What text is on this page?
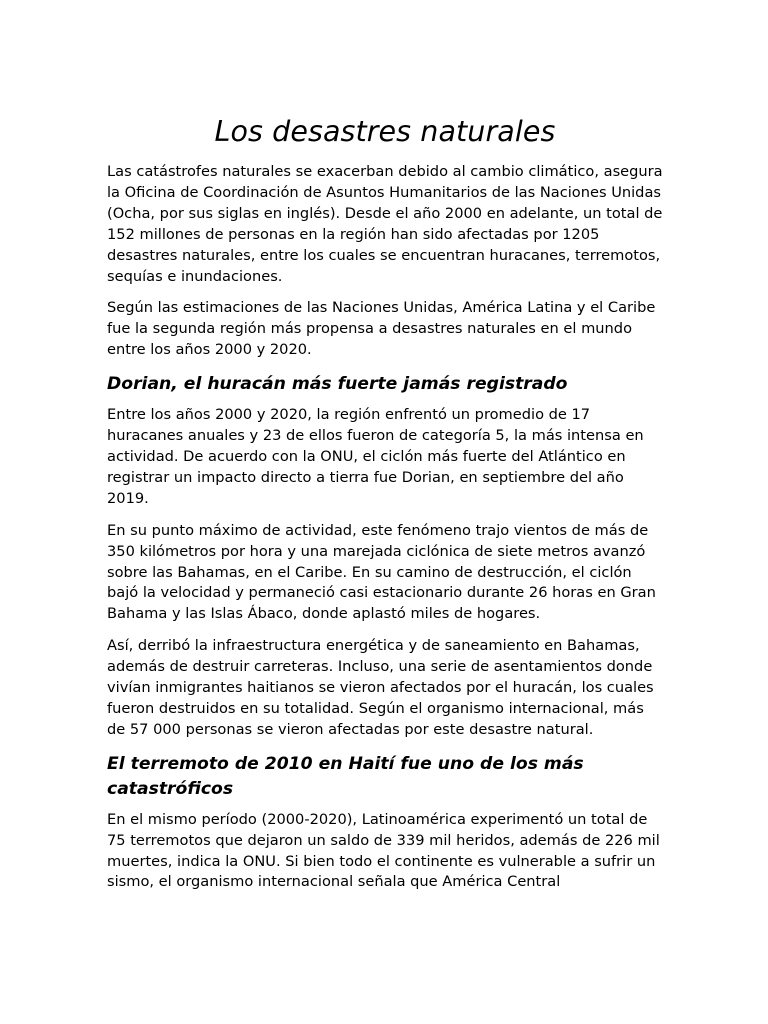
Los desastres naturales

Las catástrofes naturales se exacerban debido al cambio climático, asegura la Oficina de Coordinación de Asuntos Humanitarios de las Naciones Unidas (Ocha, por sus siglas en inglés). Desde el año 2000 en adelante, un total de 152 millones de personas en la región han sido afectadas por 1205 desastres naturales, entre los cuales se encuentran huracanes, terremotos, sequías e inundaciones.

Según las estimaciones de las Naciones Unidas, América Latina y el Caribe fue la segunda región más propensa a desastres naturales en el mundo entre los años 2000 y 2020.

Dorian, el huracán más fuerte jamás registrado

Entre los años 2000 y 2020, la región enfrentó un promedio de 17 huracanes anuales y 23 de ellos fueron de categoría 5, la más intensa en actividad. De acuerdo con la ONU, el ciclón más fuerte del Atlántico en registrar un impacto directo a tierra fue Dorian, en septiembre del año 2019.

En su punto máximo de actividad, este fenómeno trajo vientos de más de 350 kilómetros por hora y una marejada ciclónica de siete metros avanzó sobre las Bahamas, en el Caribe. En su camino de destrucción, el ciclón bajó la velocidad y permaneció casi estacionario durante 26 horas en Gran Bahama y las Islas Ábaco, donde aplastó miles de hogares.

Así, derribó la infraestructura energética y de saneamiento en Bahamas, además de destruir carreteras. Incluso, una serie de asentamientos donde vivían inmigrantes haitianos se vieron afectados por el huracán, los cuales fueron destruidos en su totalidad. Según el organismo internacional, más de 57 000 personas se vieron afectadas por este desastre natural.

El terremoto de 2010 en Haití fue uno de los más catastróficos

En el mismo período (2000-2020), Latinoamérica experimentó un total de 75 terremotos que dejaron un saldo de 339 mil heridos, además de 226 mil muertes, indica la ONU. Si bien todo el continente es vulnerable a sufrir un sismo, el organismo internacional señala que América Central
